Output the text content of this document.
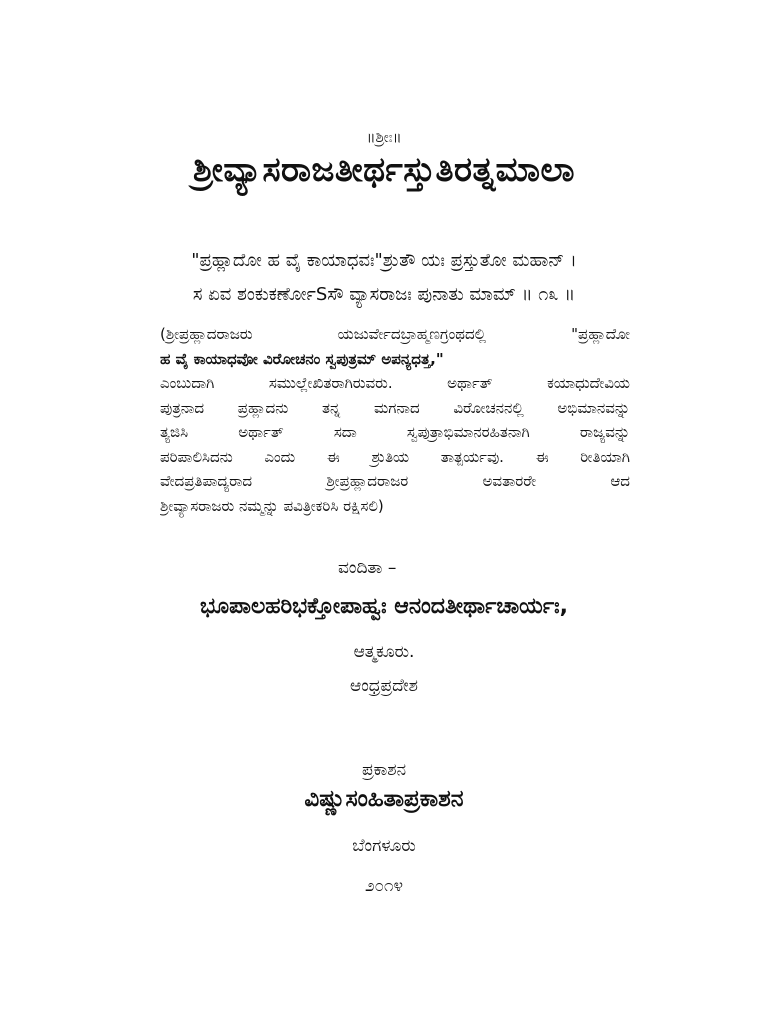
॥ಶ್ರೀಃ॥
ಶ್ರೀವ್ಯಾಸರಾಜತೀರ್ಥಸ್ತುತಿರತ್ನಮಾಲಾ
"ಪ್ರಹ್ಲಾದೋ ಹ ವೈ ಕಾಯಾಧವಃ"ಶ್ರುತೌ ಯಃ ಪ್ರಸ್ತುತೋ ಮಹಾನ್ ।
ಸ ಏವ ಶಂಕುಕರ್ಣೋSಸೌ ವ್ಯಾಸರಾಜಃ ಪುನಾತು ಮಾಮ್ ॥ ೧೩ ॥
(ಶ್ರೀಪ್ರಹ್ಲಾದರಾಜರು ಯಜುರ್ವೇದಬ್ರಾಹ್ಮಣಗ್ರಂಥದಲ್ಲಿ "ಪ್ರಹ್ಲಾದೋ
ಹ ವೈ ಕಾಯಾಧವೋ ವಿರೋಚನಂ ಸ್ವಪುತ್ರಮ್ ಅಪನ್ಯಧತ್ತ,"
ಎಂಬುದಾಗಿ ಸಮುಲ್ಲೇಖಿತರಾಗಿರುವರು. ಅರ್ಥಾತ್ ಕಯಾಧುದೇವಿಯ
ಪುತ್ರನಾದ ಪ್ರಹ್ಲಾದನು ತನ್ನ ಮಗನಾದ ವಿರೋಚನನಲ್ಲಿ ಅಭಿಮಾನವನ್ನು
ತ್ಯಜಿಸಿ ಅರ್ಥಾತ್ ಸದಾ ಸ್ವಪುತ್ರಾಭಿಮಾನರಹಿತನಾಗಿ ರಾಜ್ಯವನ್ನು
ಪರಿಪಾಲಿಸಿದನು ಎಂದು ಈ ಶ್ರುತಿಯ ತಾತ್ಪರ್ಯವು. ಈ ರೀತಿಯಾಗಿ
ವೇದಪ್ರತಿಪಾದ್ಯರಾದ ಶ್ರೀಪ್ರಹ್ಲಾದರಾಜರ ಅವತಾರರೇ ಆದ
ಶ್ರೀವ್ಯಾಸರಾಜರು ನಮ್ಮನ್ನು ಪವಿತ್ರೀಕರಿಸಿ ರಕ್ಷಿಸಲಿ)
ವಂದಿತಾ –
ಭೂಪಾಲಹರಿಭಕ್ತೋಪಾಹ್ವಃ ಆನಂದತೀರ್ಥಾಚಾರ್ಯಃ,
ಆತ್ಮಕೂರು.
ಆಂಧ್ರಪ್ರದೇಶ
ಪ್ರಕಾಶನ
ವಿಷ್ಣುಸಂಹಿತಾಪ್ರಕಾಶನ
ಬೆಂಗಳೂರು
೨೦೧೪
